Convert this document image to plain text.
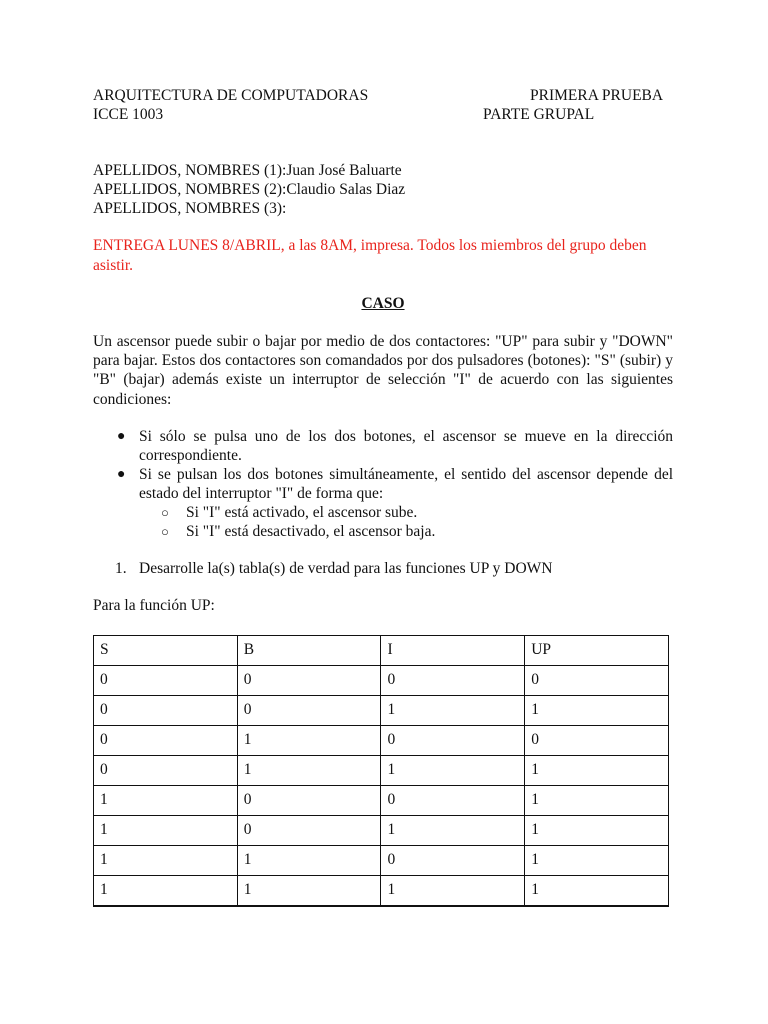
ARQUITECTURA DE COMPUTADORAS	PRIMERA PRUEBA
ICCE 1003	PARTE GRUPAL
APELLIDOS, NOMBRES (1):Juan José Baluarte
APELLIDOS, NOMBRES (2):Claudio Salas Diaz
APELLIDOS, NOMBRES (3):
ENTREGA LUNES 8/ABRIL, a las 8AM, impresa. Todos los miembros del grupo deben asistir.
CASO
Un ascensor puede subir o bajar por medio de dos contactores: "UP" para subir y "DOWN" para bajar. Estos dos contactores son comandados por dos pulsadores (botones): "S" (subir) y "B" (bajar) además existe un interruptor de selección "I" de acuerdo con las siguientes condiciones:
● Si sólo se pulsa uno de los dos botones, el ascensor se mueve en la dirección correspondiente.
● Si se pulsan los dos botones simultáneamente, el sentido del ascensor depende del estado del interruptor "I" de forma que:
○ Si "I" está activado, el ascensor sube.
○ Si "I" está desactivado, el ascensor baja.
1. Desarrolle la(s) tabla(s) de verdad para las funciones UP y DOWN
Para la función UP:
S	B	I	UP
0	0	0	0
0	0	1	1
0	1	0	0
0	1	1	1
1	0	0	1
1	0	1	1
1	1	0	1
1	1	1	1
